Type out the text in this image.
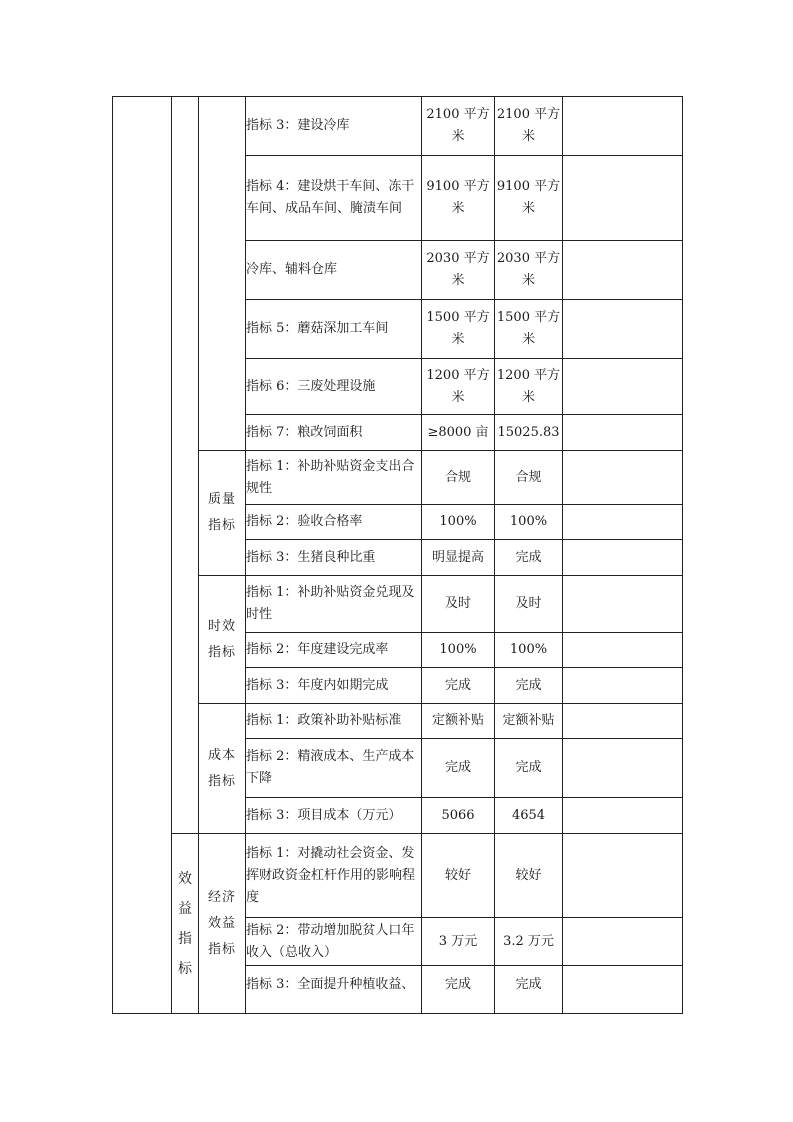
			指标 3：建设冷库	2100 平方米	2100 平方米	
			指标 4：建设烘干车间、冻干车间、成品车间、腌渍车间	9100 平方米	9100 平方米	
			冷库、辅料仓库	2030 平方米	2030 平方米	
			指标 5：蘑菇深加工车间	1500 平方米	1500 平方米	
			指标 6：三废处理设施	1200 平方米	1200 平方米	
			指标 7：粮改饲面积	≥8000 亩	15025.83	
		质量指标	指标 1：补助补贴资金支出合规性	合规	合规	
			指标 2：验收合格率	100%	100%	
			指标 3：生猪良种比重	明显提高	完成	
		时效指标	指标 1：补助补贴资金兑现及时性	及时	及时	
			指标 2：年度建设完成率	100%	100%	
			指标 3：年度内如期完成	完成	完成	
		成本指标	指标 1：政策补助补贴标准	定额补贴	定额补贴	
			指标 2：精液成本、生产成本下降	完成	完成	
			指标 3：项目成本（万元）	5066	4654	
	效益指标	经济效益指标	指标 1：对撬动社会资金、发挥财政资金杠杆作用的影响程度	较好	较好	
			指标 2：带动增加脱贫人口年收入（总收入）	3 万元	3.2 万元	
			指标 3：全面提升种植收益、	完成	完成	
